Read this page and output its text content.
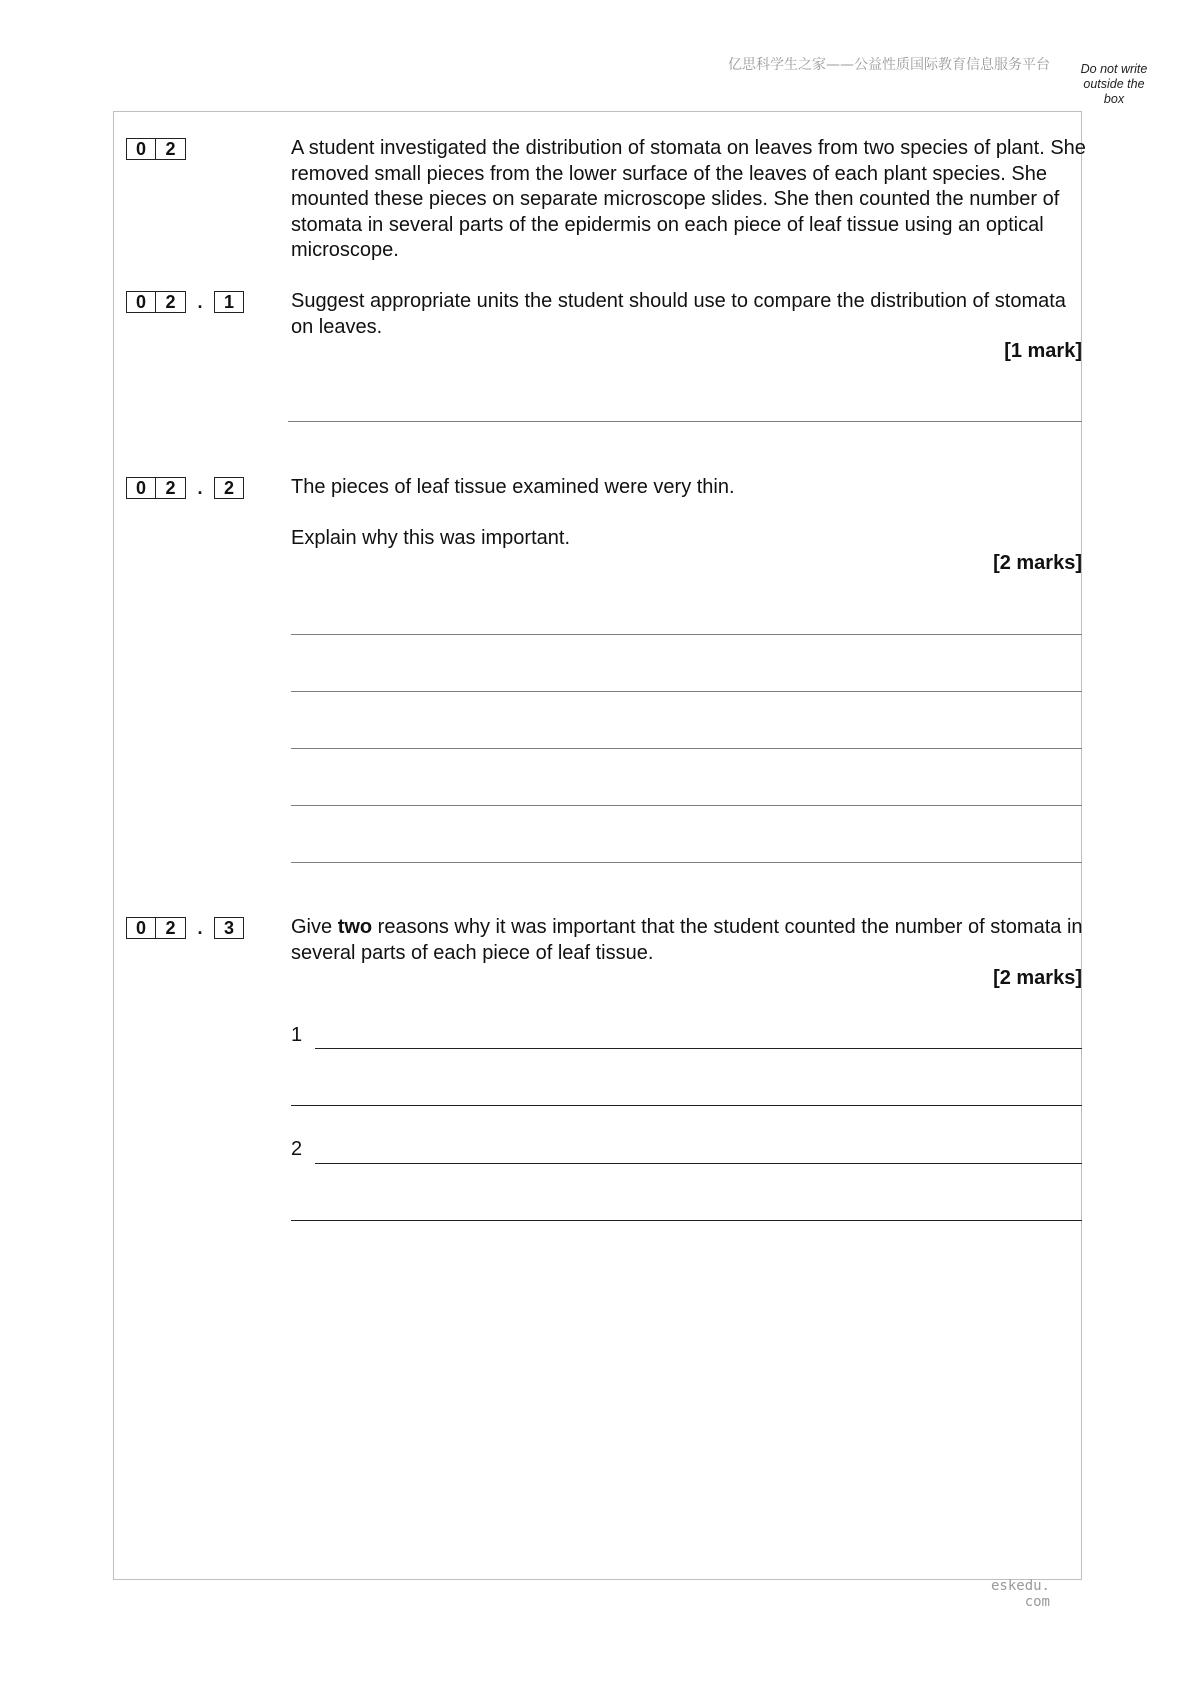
亿思科学生之家——公益性质国际教育信息服务平台	Do not write
outside the
box
0	2	A student investigated the distribution of stomata on leaves from two species of plant. She removed small pieces from the lower surface of the leaves of each plant species. She mounted these pieces on separate microscope slides. She then counted the number of stomata in several parts of the epidermis on each piece of leaf tissue using an optical microscope.
0	2	.	1	Suggest appropriate units the student should use to compare the distribution of stomata on leaves.
[1 mark]
0	2	.	2	The pieces of leaf tissue examined were very thin.
Explain why this was important.
[2 marks]
0	2	.	3	Give two reasons why it was important that the student counted the number of stomata in several parts of each piece of leaf tissue.
[2 marks]
1
2
eskedu. com
